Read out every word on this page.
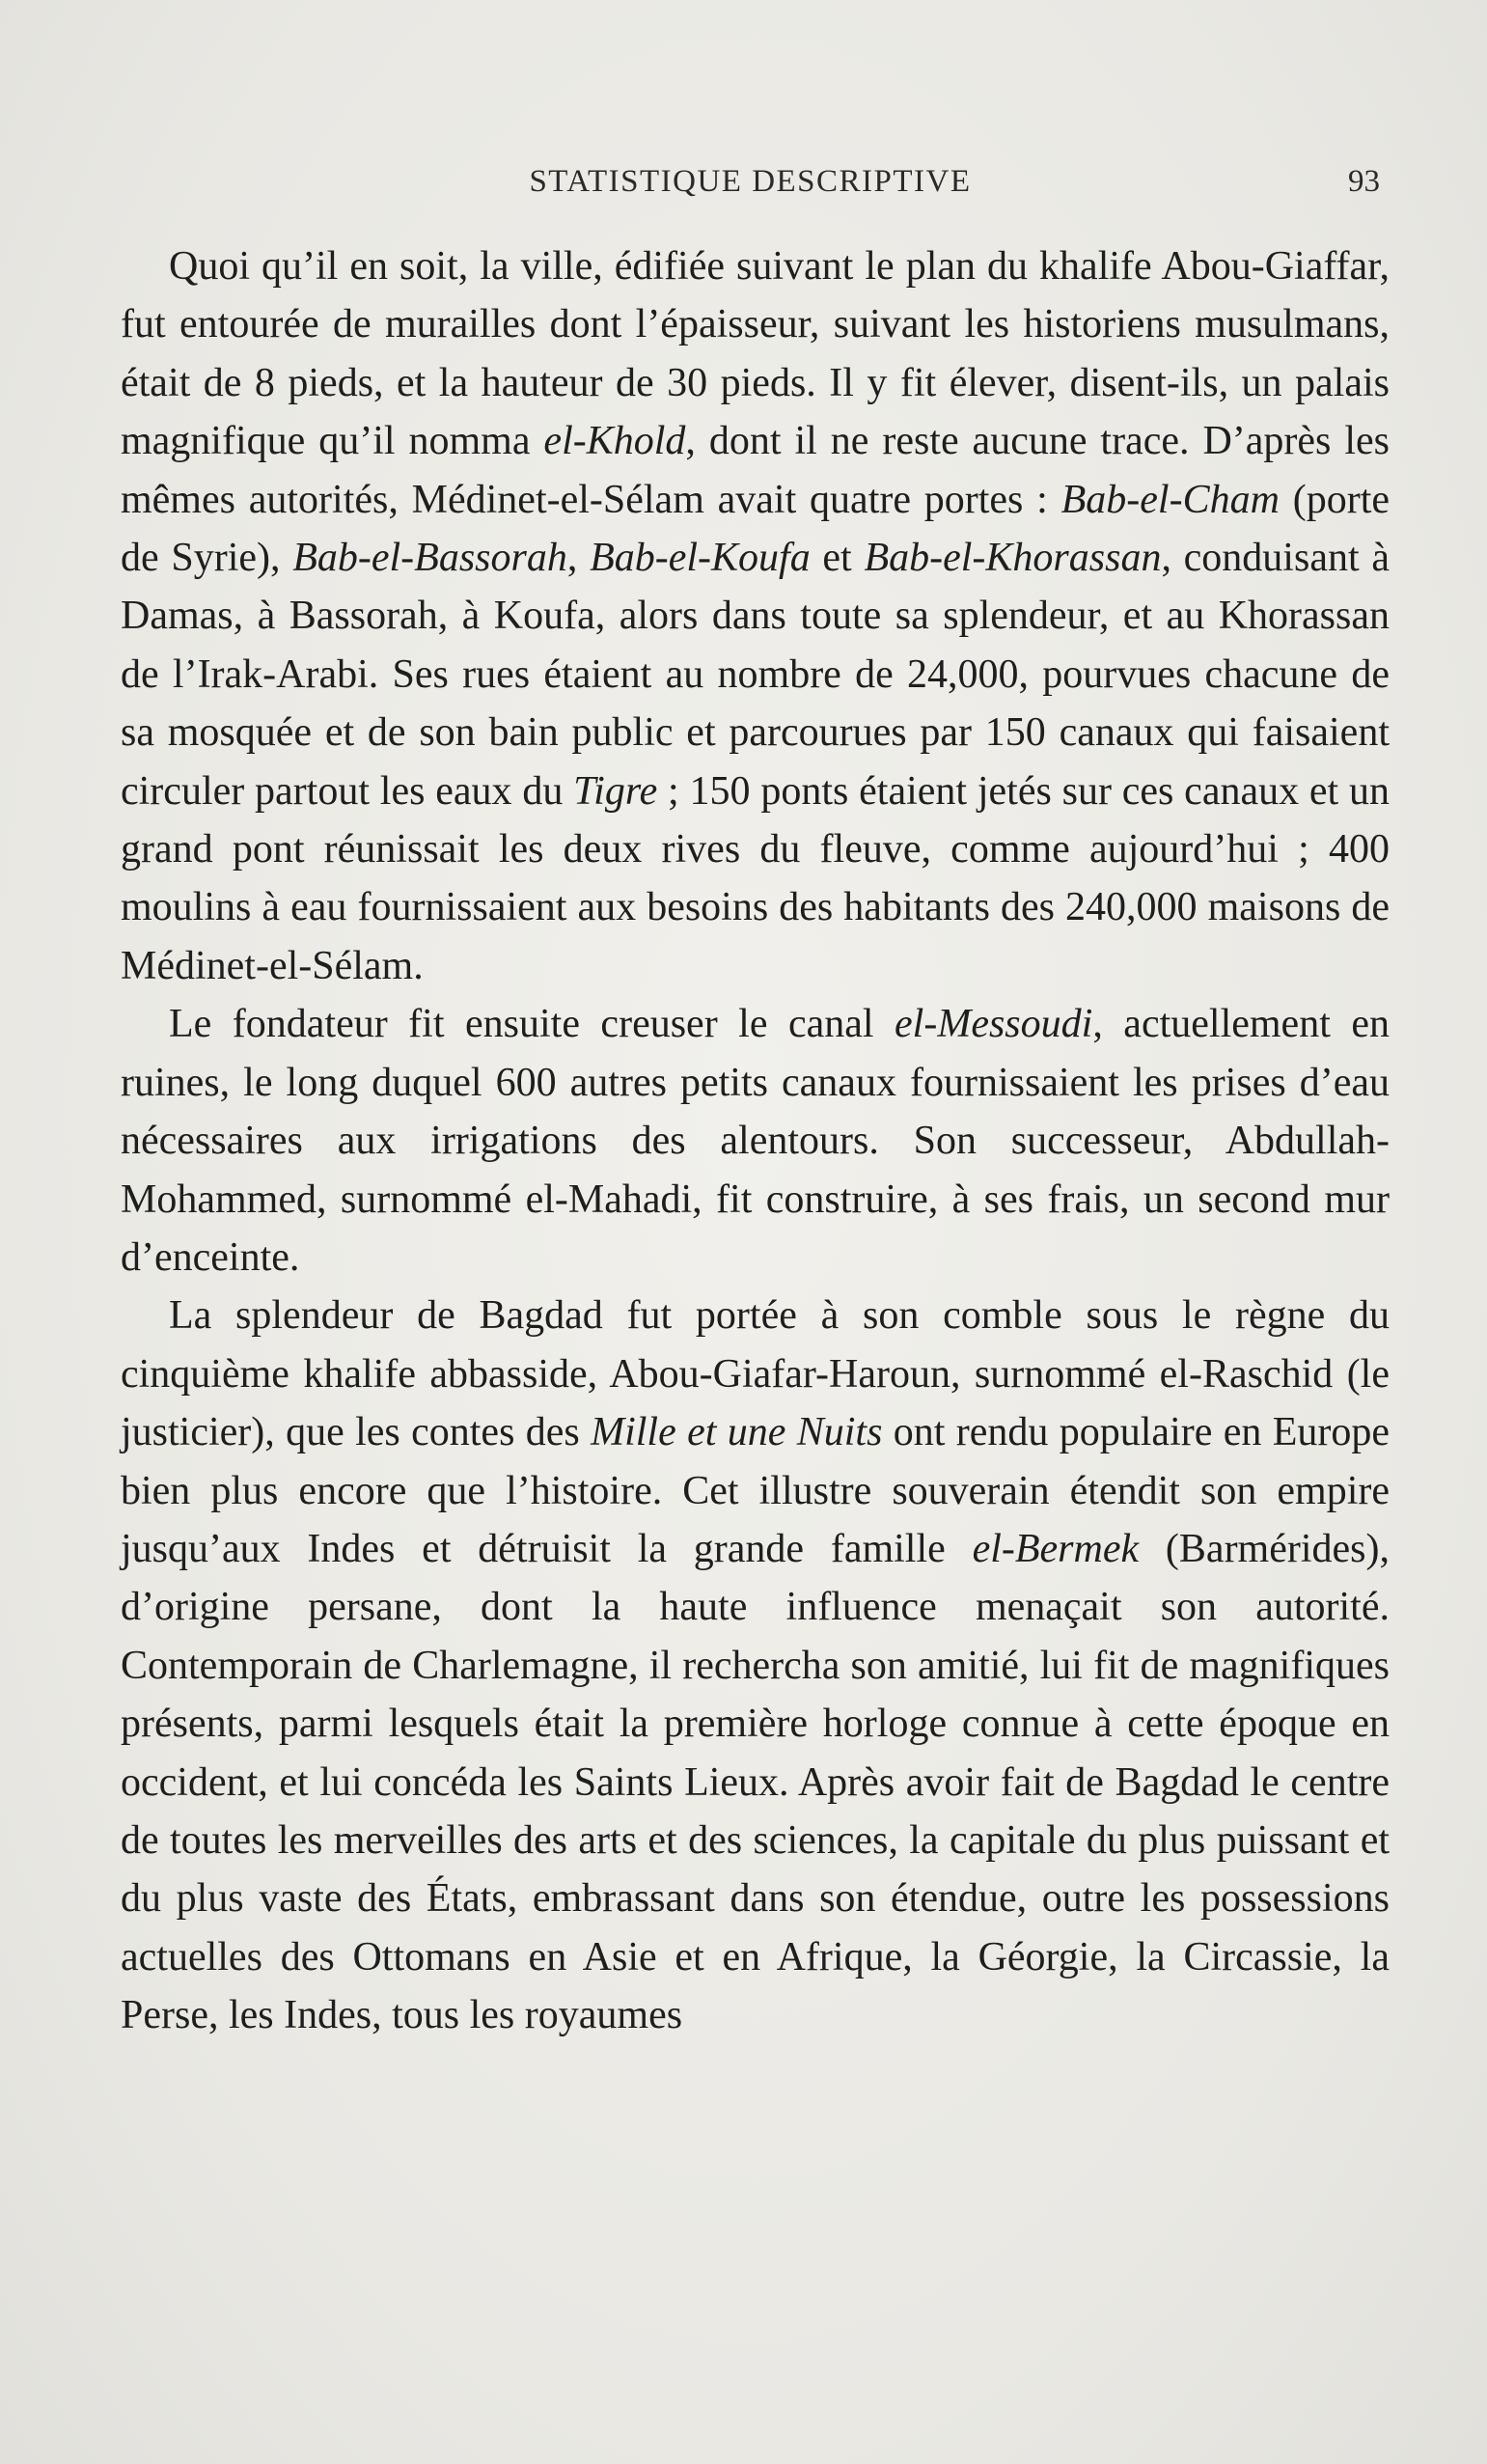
STATISTIQUE DESCRIPTIVE	93

Quoi qu’il en soit, la ville, édifiée suivant le plan du khalife Abou-Giaffar, fut entourée de murailles dont l’épaisseur, suivant les historiens musulmans, était de 8 pieds, et la hauteur de 30 pieds. Il y fit élever, disent-ils, un palais magnifique qu’il nomma el-Khold, dont il ne reste aucune trace. D’après les mêmes autorités, Médinet-el-Sélam avait quatre portes : Bab-el-Cham (porte de Syrie), Bab-el-Bassorah, Bab-el-Koufa et Bab-el-Khorassan, conduisant à Damas, à Bassorah, à Koufa, alors dans toute sa splendeur, et au Khorassan de l’Irak-Arabi. Ses rues étaient au nombre de 24,000, pourvues chacune de sa mosquée et de son bain public et parcourues par 150 canaux qui faisaient circuler partout les eaux du Tigre ; 150 ponts étaient jetés sur ces canaux et un grand pont réunissait les deux rives du fleuve, comme aujourd’hui ; 400 moulins à eau fournissaient aux besoins des habitants des 240,000 maisons de Médinet-el-Sélam.

Le fondateur fit ensuite creuser le canal el-Messoudi, actuellement en ruines, le long duquel 600 autres petits canaux fournissaient les prises d’eau nécessaires aux irrigations des alentours. Son successeur, Abdullah-Mohammed, surnommé el-Mahadi, fit construire, à ses frais, un second mur d’enceinte.

La splendeur de Bagdad fut portée à son comble sous le règne du cinquième khalife abbasside, Abou-Giafar-Haroun, surnommé el-Raschid (le justicier), que les contes des Mille et une Nuits ont rendu populaire en Europe bien plus encore que l’histoire. Cet illustre souverain étendit son empire jusqu’aux Indes et détruisit la grande famille el-Bermek (Barmérides), d’origine persane, dont la haute influence menaçait son autorité. Contemporain de Charlemagne, il rechercha son amitié, lui fit de magnifiques présents, parmi lesquels était la première horloge connue à cette époque en occident, et lui concéda les Saints Lieux. Après avoir fait de Bagdad le centre de toutes les merveilles des arts et des sciences, la capitale du plus puissant et du plus vaste des États, embrassant dans son étendue, outre les possessions actuelles des Ottomans en Asie et en Afrique, la Géorgie, la Circassie, la Perse, les Indes, tous les royaumes
